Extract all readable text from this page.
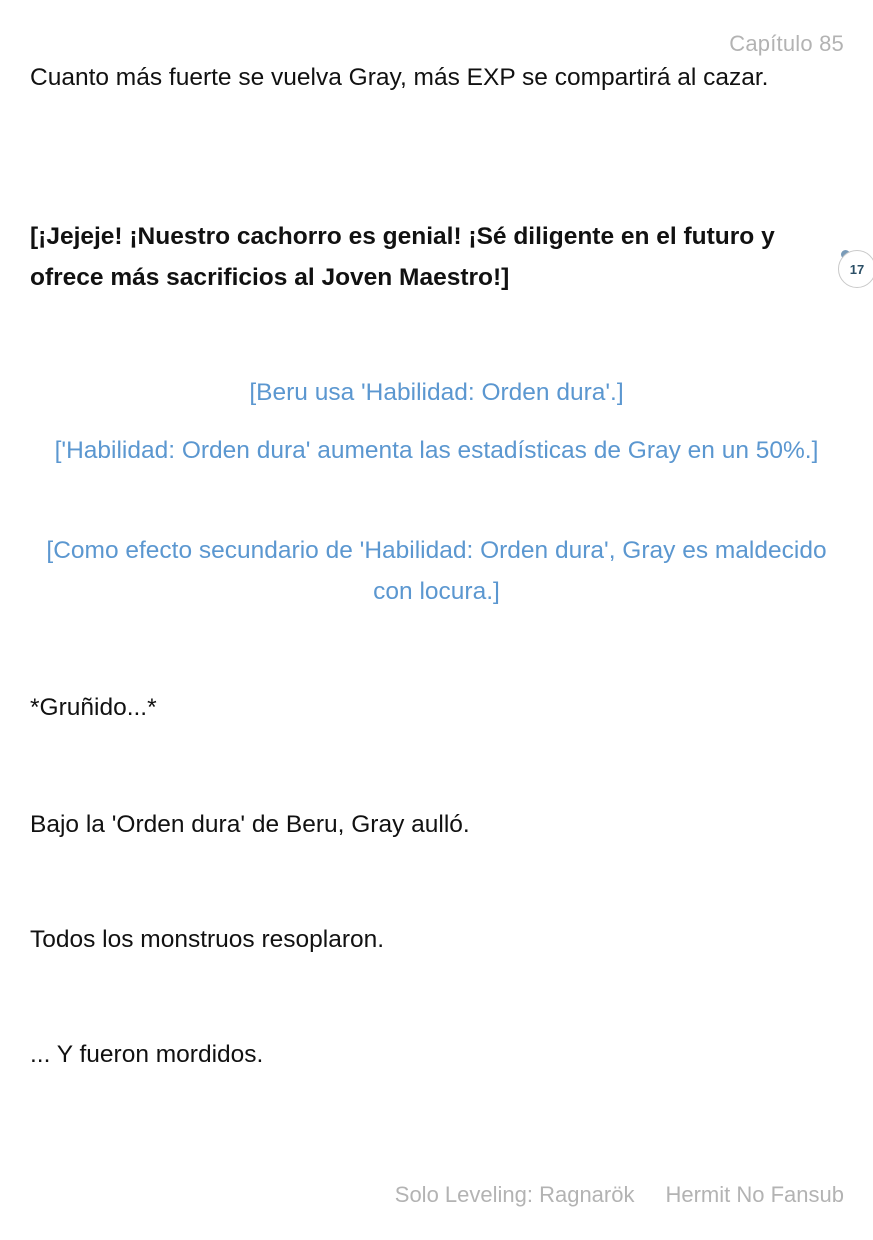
Capítulo 85
Cuanto más fuerte se vuelva Gray, más EXP se compartirá al cazar.
[¡Jejeje! ¡Nuestro cachorro es genial! ¡Sé diligente en el futuro y ofrece más sacrificios al Joven Maestro!]	17
[Beru usa 'Habilidad: Orden dura'.]
['Habilidad: Orden dura' aumenta las estadísticas de Gray en un 50%.]
[Como efecto secundario de 'Habilidad: Orden dura', Gray es maldecido con locura.]
*Gruñido...*
Bajo la 'Orden dura' de Beru, Gray aulló.
Todos los monstruos resoplaron.
... Y fueron mordidos.
Solo Leveling: Ragnarök Hermit No Fansub
